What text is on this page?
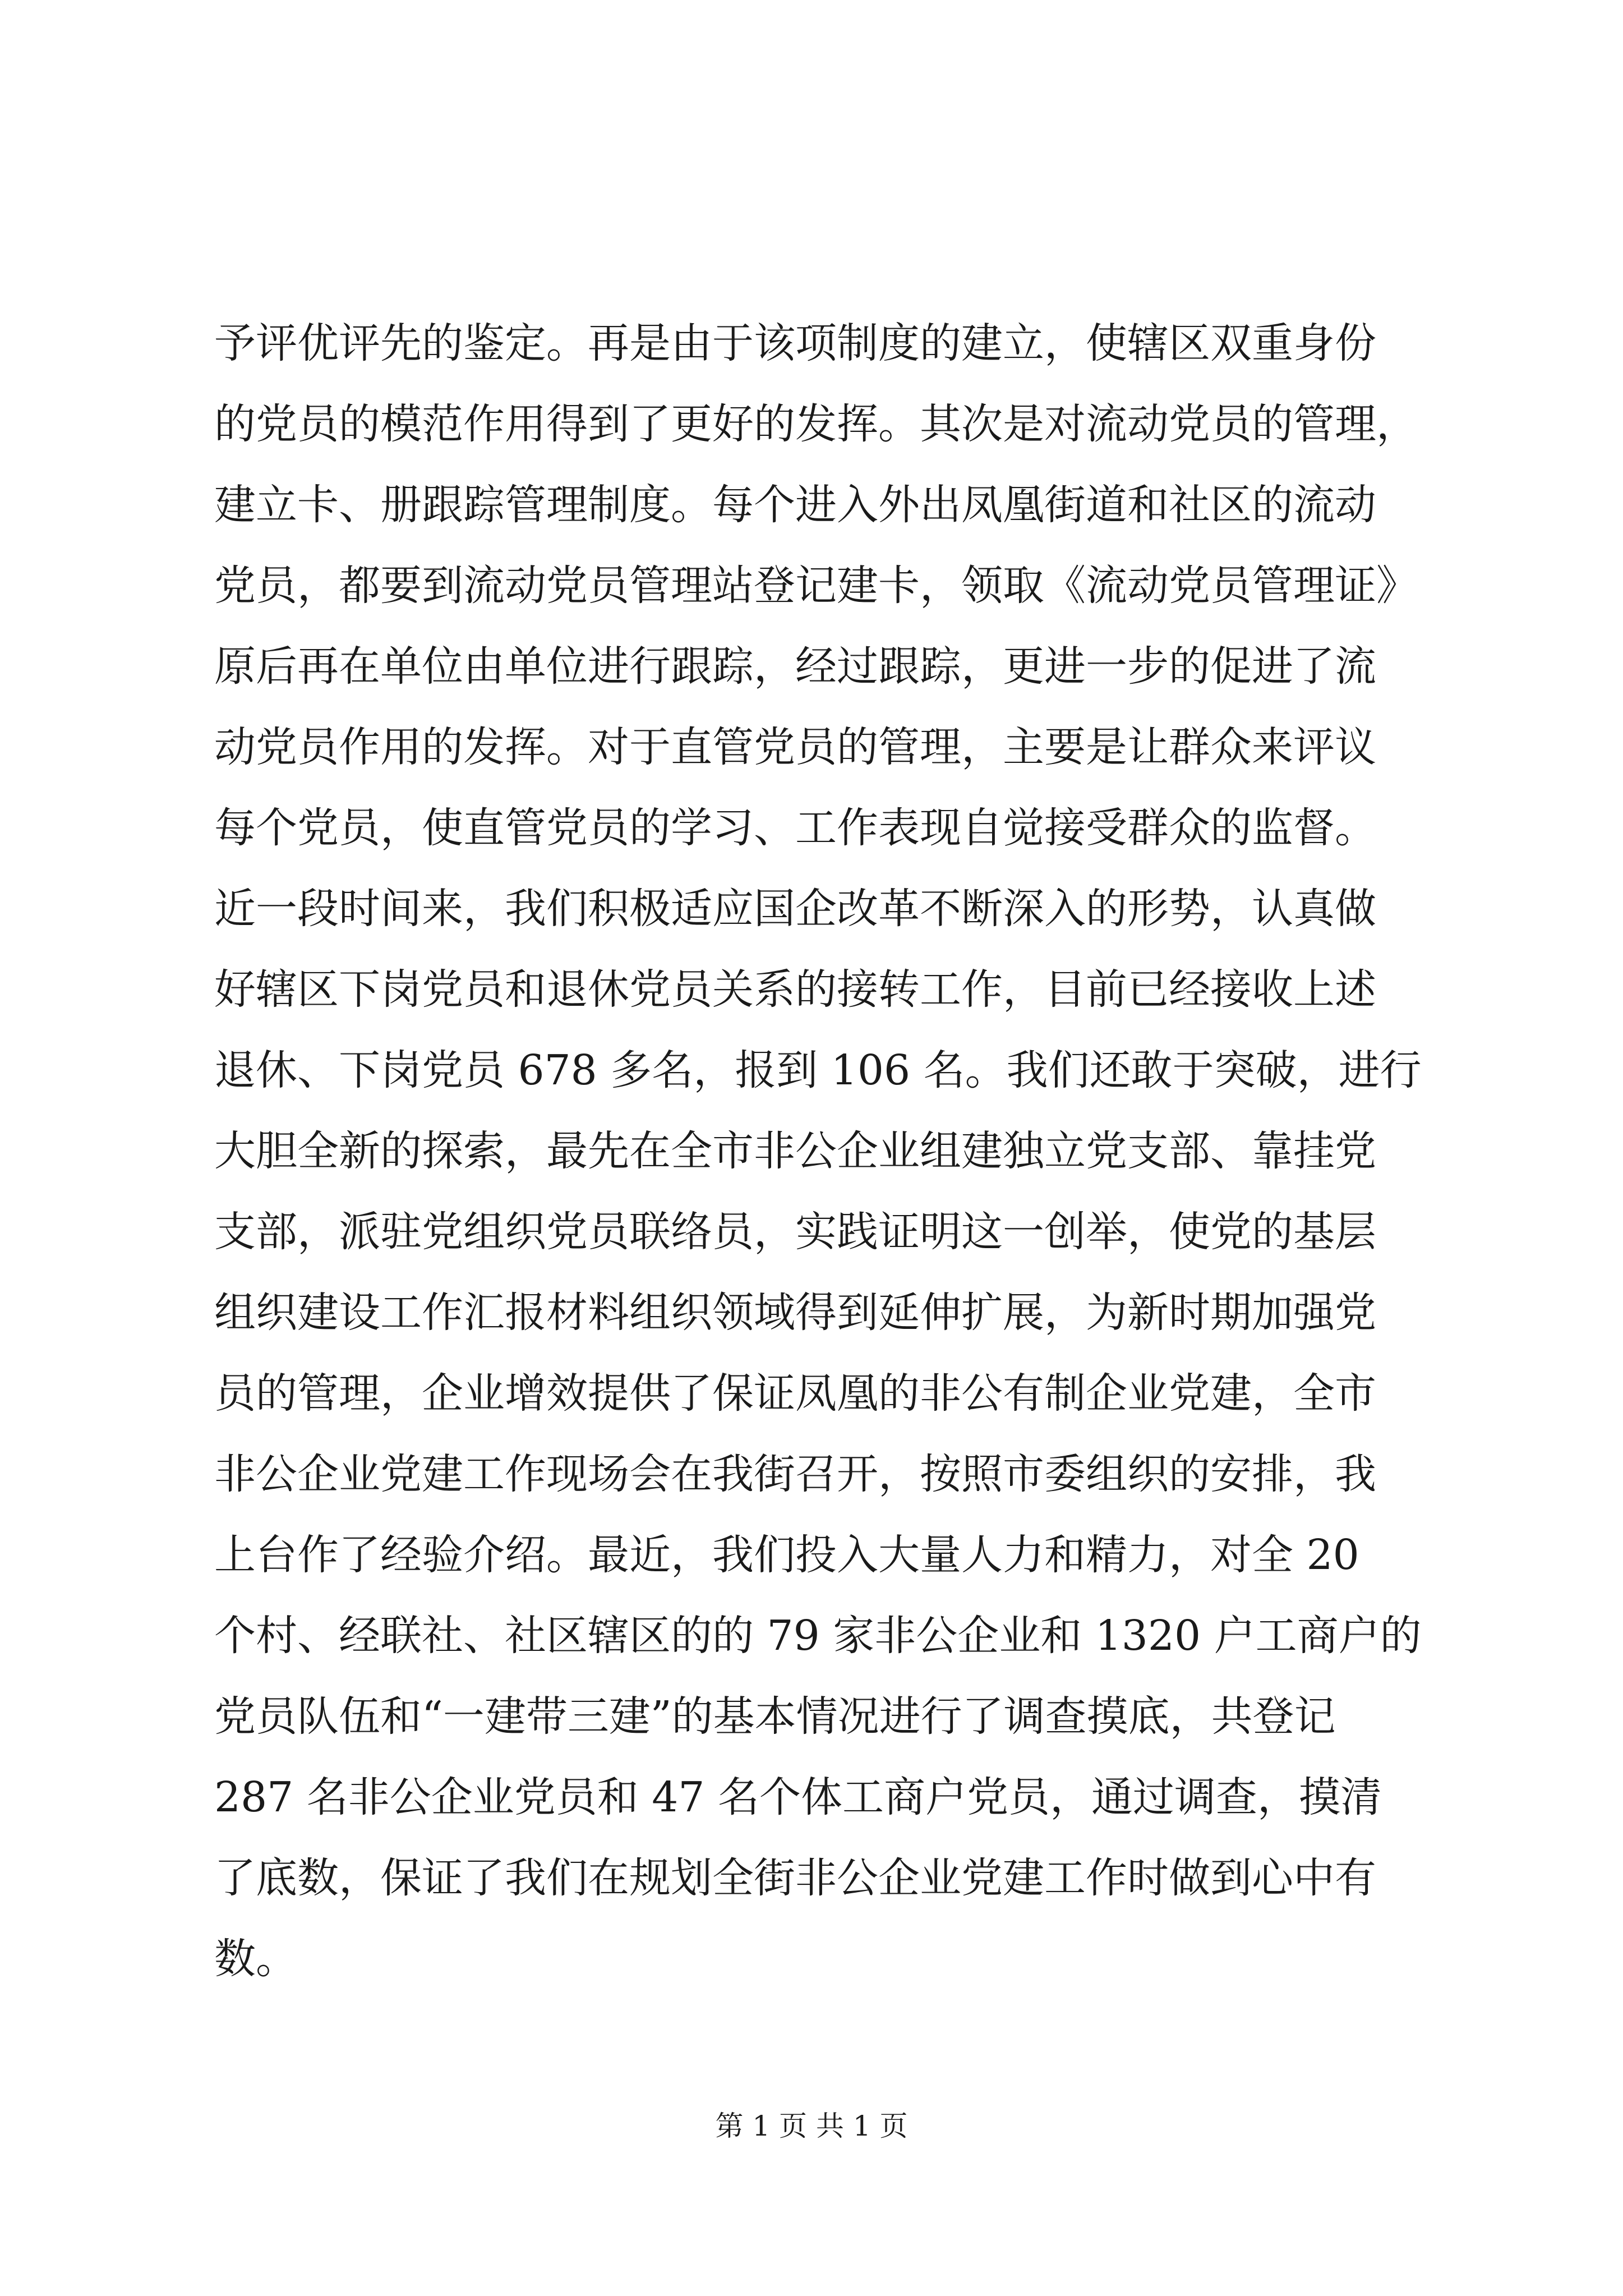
予评优评先的鉴定。再是由于该项制度的建立，使辖区双重身份
的党员的模范作用得到了更好的发挥。其次是对流动党员的管理，
建立卡、册跟踪管理制度。每个进入外出凤凰街道和社区的流动
党员，都要到流动党员管理站登记建卡，领取《流动党员管理证》
原后再在单位由单位进行跟踪，经过跟踪，更进一步的促进了流
动党员作用的发挥。对于直管党员的管理，主要是让群众来评议
每个党员，使直管党员的学习、工作表现自觉接受群众的监督。
近一段时间来，我们积极适应国企改革不断深入的形势，认真做
好辖区下岗党员和退休党员关系的接转工作，目前已经接收上述
退休、下岗党员 678 多名，报到 106 名。我们还敢于突破，进行
大胆全新的探索，最先在全市非公企业组建独立党支部、靠挂党
支部，派驻党组织党员联络员，实践证明这一创举，使党的基层
组织建设工作汇报材料组织领域得到延伸扩展，为新时期加强党
员的管理，企业增效提供了保证凤凰的非公有制企业党建，全市
非公企业党建工作现场会在我街召开，按照市委组织的安排，我
上台作了经验介绍。最近，我们投入大量人力和精力，对全 20
个村、经联社、社区辖区的的 79 家非公企业和 1320 户工商户的
党员队伍和“一建带三建”的基本情况进行了调查摸底，共登记
287 名非公企业党员和 47 名个体工商户党员，通过调查，摸清
了底数，保证了我们在规划全街非公企业党建工作时做到心中有
数。
第 1 页 共 1 页
